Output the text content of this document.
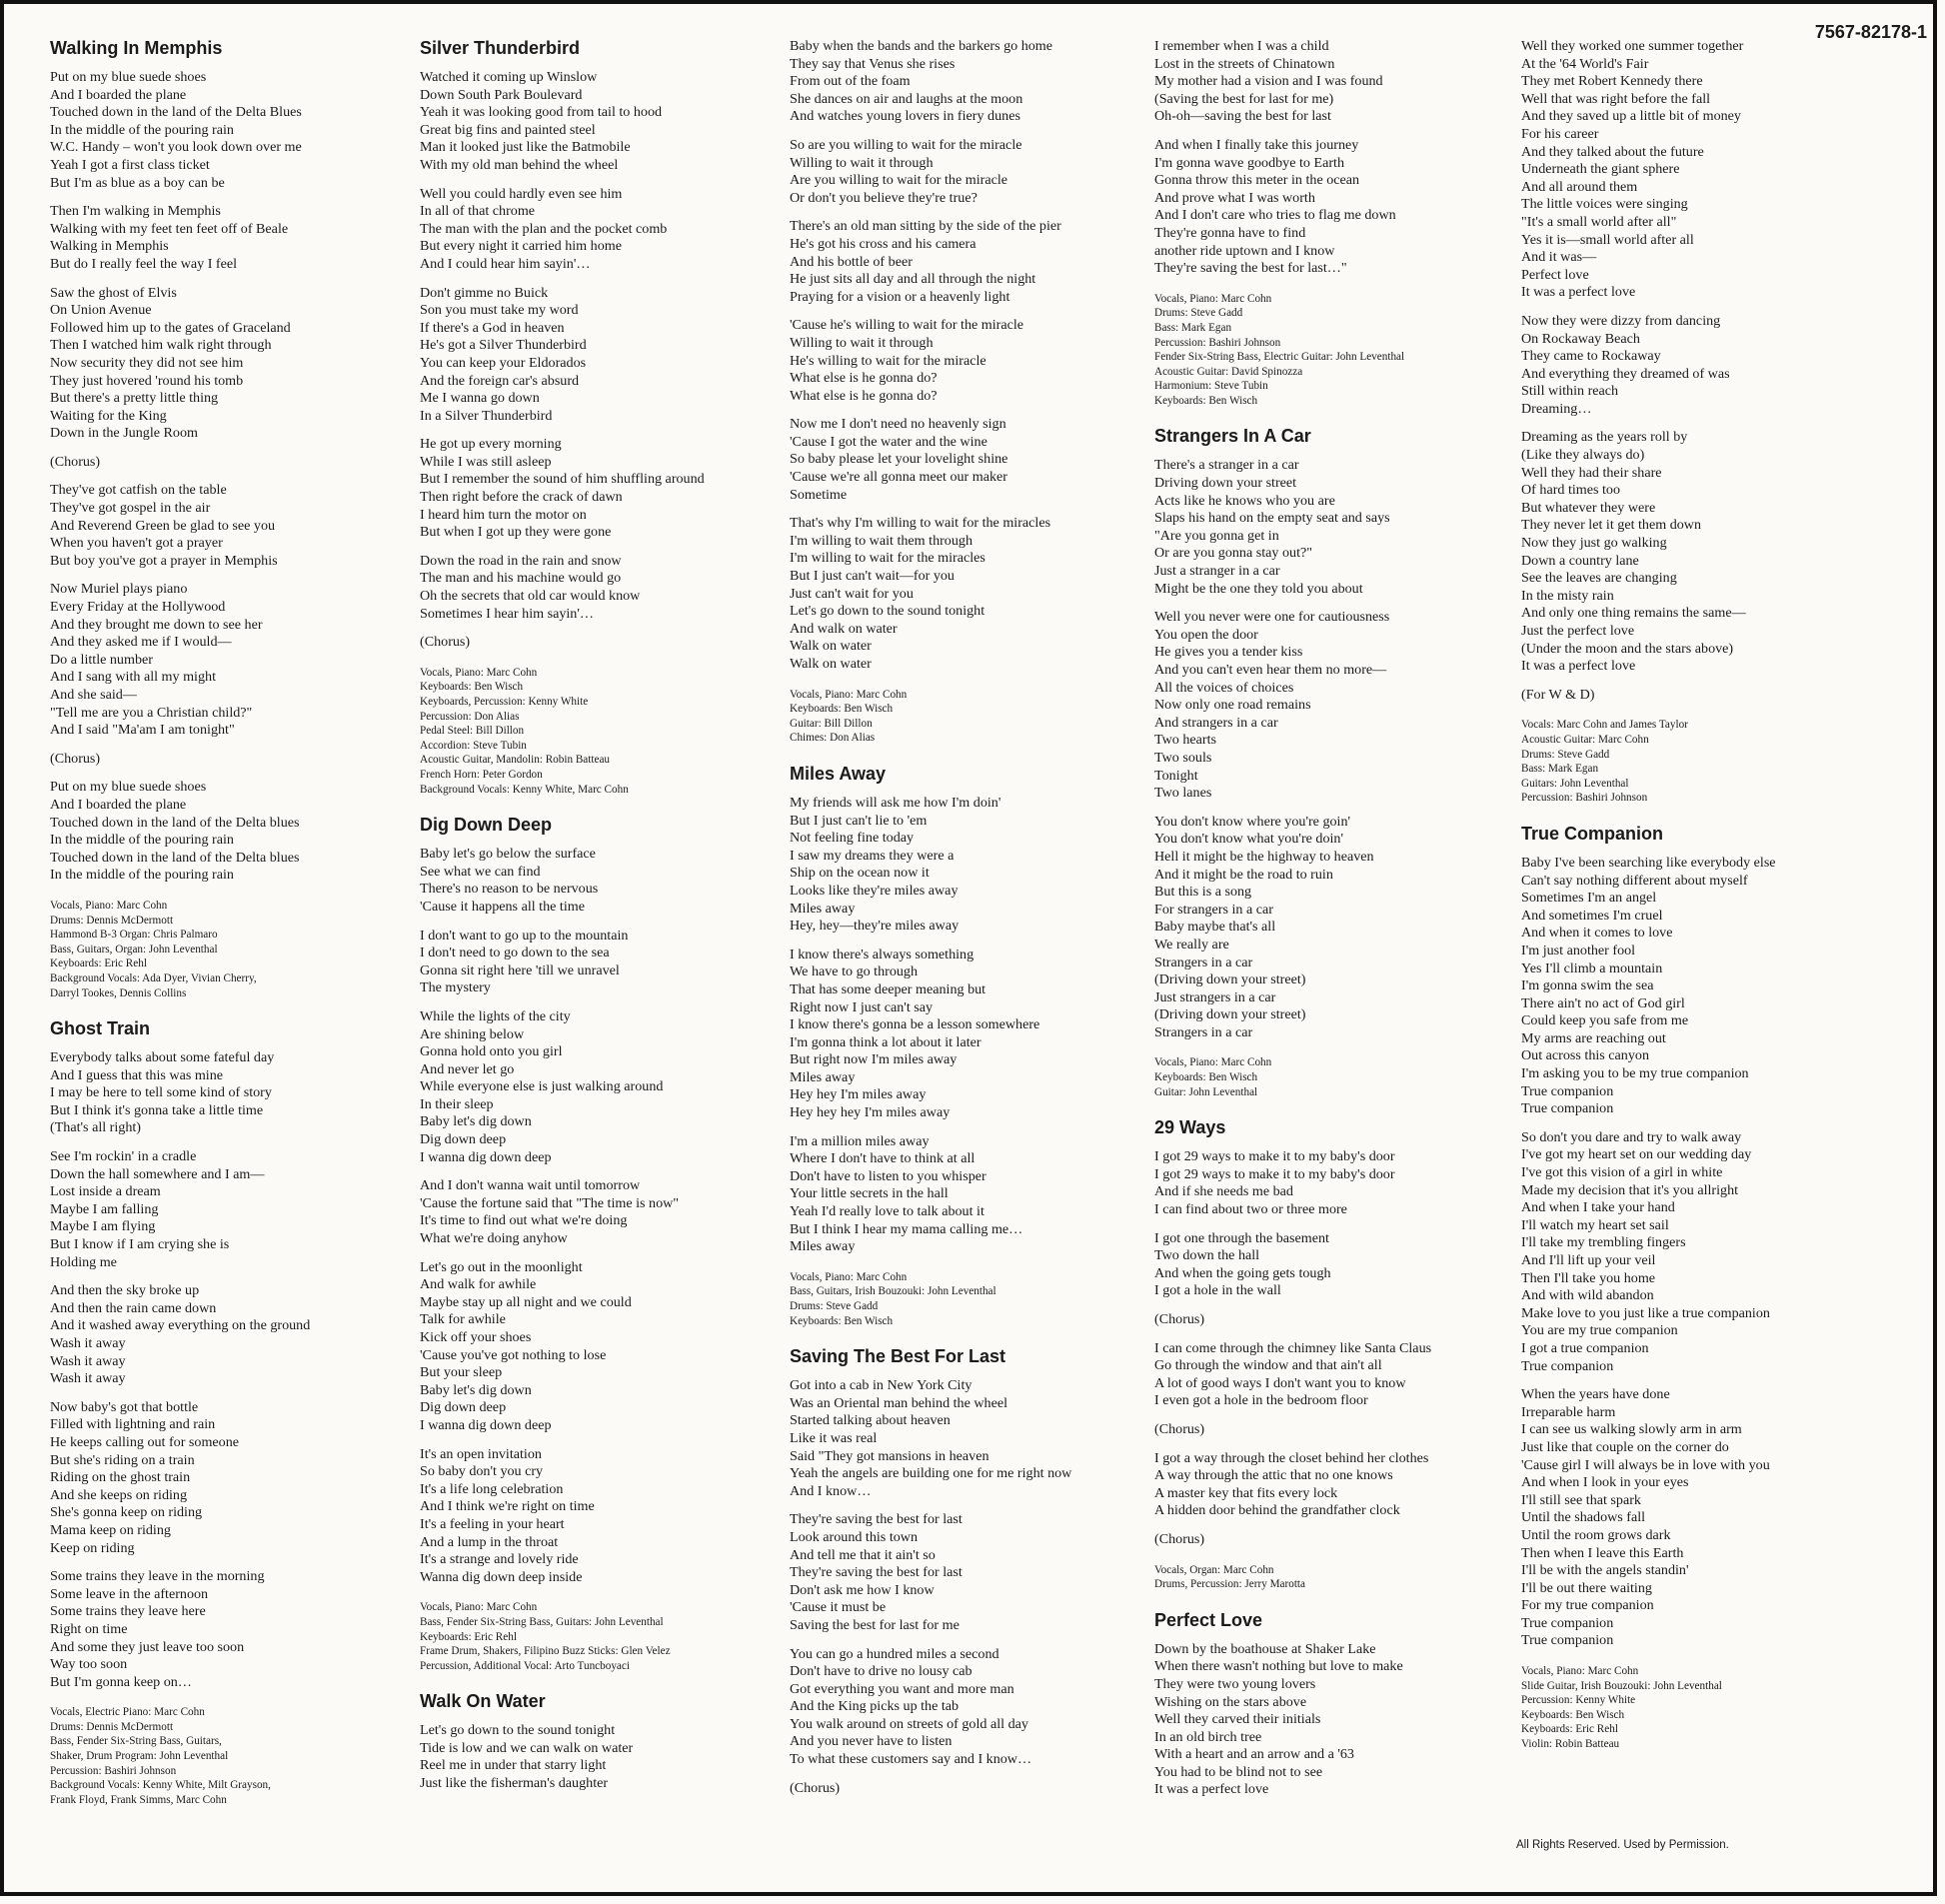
7567-82178-1
Walking In Memphis
Put on my blue suede shoes
And I boarded the plane
Touched down in the land of the Delta Blues
In the middle of the pouring rain
W.C. Handy – won't you look down over me
Yeah I got a first class ticket
But I'm as blue as a boy can be
Then I'm walking in Memphis
Walking with my feet ten feet off of Beale
Walking in Memphis
But do I really feel the way I feel
Saw the ghost of Elvis
On Union Avenue
Followed him up to the gates of Graceland
Then I watched him walk right through
Now security they did not see him
They just hovered 'round his tomb
But there's a pretty little thing
Waiting for the King
Down in the Jungle Room
(Chorus)
They've got catfish on the table
They've got gospel in the air
And Reverend Green be glad to see you
When you haven't got a prayer
But boy you've got a prayer in Memphis
Now Muriel plays piano
Every Friday at the Hollywood
And they brought me down to see her
And they asked me if I would—
Do a little number
And I sang with all my might
And she said—
"Tell me are you a Christian child?"
And I said "Ma'am I am tonight"
(Chorus)
Put on my blue suede shoes
And I boarded the plane
Touched down in the land of the Delta blues
In the middle of the pouring rain
Touched down in the land of the Delta blues
In the middle of the pouring rain
Vocals, Piano: Marc Cohn
Drums: Dennis McDermott
Hammond B-3 Organ: Chris Palmaro
Bass, Guitars, Organ: John Leventhal
Keyboards: Eric Rehl
Background Vocals: Ada Dyer, Vivian Cherry,
Darryl Tookes, Dennis Collins
Ghost Train
Everybody talks about some fateful day
And I guess that this was mine
I may be here to tell some kind of story
But I think it's gonna take a little time
(That's all right)
See I'm rockin' in a cradle
Down the hall somewhere and I am—
Lost inside a dream
Maybe I am falling
Maybe I am flying
But I know if I am crying she is
Holding me
And then the sky broke up
And then the rain came down
And it washed away everything on the ground
Wash it away
Wash it away
Wash it away
Now baby's got that bottle
Filled with lightning and rain
He keeps calling out for someone
But she's riding on a train
Riding on the ghost train
And she keeps on riding
She's gonna keep on riding
Mama keep on riding
Keep on riding
Some trains they leave in the morning
Some leave in the afternoon
Some trains they leave here
Right on time
And some they just leave too soon
Way too soon
But I'm gonna keep on…
Vocals, Electric Piano: Marc Cohn
Drums: Dennis McDermott
Bass, Fender Six-String Bass, Guitars,
Shaker, Drum Program: John Leventhal
Percussion: Bashiri Johnson
Background Vocals: Kenny White, Milt Grayson,
Frank Floyd, Frank Simms, Marc Cohn
Silver Thunderbird
Watched it coming up Winslow
Down South Park Boulevard
Yeah it was looking good from tail to hood
Great big fins and painted steel
Man it looked just like the Batmobile
With my old man behind the wheel
Well you could hardly even see him
In all of that chrome
The man with the plan and the pocket comb
But every night it carried him home
And I could hear him sayin'…
Don't gimme no Buick
Son you must take my word
If there's a God in heaven
He's got a Silver Thunderbird
You can keep your Eldorados
And the foreign car's absurd
Me I wanna go down
In a Silver Thunderbird
He got up every morning
While I was still asleep
But I remember the sound of him shuffling around
Then right before the crack of dawn
I heard him turn the motor on
But when I got up they were gone
Down the road in the rain and snow
The man and his machine would go
Oh the secrets that old car would know
Sometimes I hear him sayin'…
(Chorus)
Vocals, Piano: Marc Cohn
Keyboards: Ben Wisch
Keyboards, Percussion: Kenny White
Percussion: Don Alias
Pedal Steel: Bill Dillon
Accordion: Steve Tubin
Acoustic Guitar, Mandolin: Robin Batteau
French Horn: Peter Gordon
Background Vocals: Kenny White, Marc Cohn
Dig Down Deep
Baby let's go below the surface
See what we can find
There's no reason to be nervous
'Cause it happens all the time
I don't want to go up to the mountain
I don't need to go down to the sea
Gonna sit right here 'till we unravel
The mystery
While the lights of the city
Are shining below
Gonna hold onto you girl
And never let go
While everyone else is just walking around
In their sleep
Baby let's dig down
Dig down deep
I wanna dig down deep
And I don't wanna wait until tomorrow
'Cause the fortune said that "The time is now"
It's time to find out what we're doing
What we're doing anyhow
Let's go out in the moonlight
And walk for awhile
Maybe stay up all night and we could
Talk for awhile
Kick off your shoes
'Cause you've got nothing to lose
But your sleep
Baby let's dig down
Dig down deep
I wanna dig down deep
It's an open invitation
So baby don't you cry
It's a life long celebration
And I think we're right on time
It's a feeling in your heart
And a lump in the throat
It's a strange and lovely ride
Wanna dig down deep inside
Vocals, Piano: Marc Cohn
Bass, Fender Six-String Bass, Guitars: John Leventhal
Keyboards: Eric Rehl
Frame Drum, Shakers, Filipino Buzz Sticks: Glen Velez
Percussion, Additional Vocal: Arto Tuncboyaci
Walk On Water
Let's go down to the sound tonight
Tide is low and we can walk on water
Reel me in under that starry light
Just like the fisherman's daughter
Baby when the bands and the barkers go home
They say that Venus she rises
From out of the foam
She dances on air and laughs at the moon
And watches young lovers in fiery dunes
So are you willing to wait for the miracle
Willing to wait it through
Are you willing to wait for the miracle
Or don't you believe they're true?
There's an old man sitting by the side of the pier
He's got his cross and his camera
And his bottle of beer
He just sits all day and all through the night
Praying for a vision or a heavenly light
'Cause he's willing to wait for the miracle
Willing to wait it through
He's willing to wait for the miracle
What else is he gonna do?
What else is he gonna do?
Now me I don't need no heavenly sign
'Cause I got the water and the wine
So baby please let your lovelight shine
'Cause we're all gonna meet our maker
Sometime
That's why I'm willing to wait for the miracles
I'm willing to wait them through
I'm willing to wait for the miracles
But I just can't wait—for you
Just can't wait for you
Let's go down to the sound tonight
And walk on water
Walk on water
Walk on water
Vocals, Piano: Marc Cohn
Keyboards: Ben Wisch
Guitar: Bill Dillon
Chimes: Don Alias
Miles Away
My friends will ask me how I'm doin'
But I just can't lie to 'em
Not feeling fine today
I saw my dreams they were a
Ship on the ocean now it
Looks like they're miles away
Miles away
Hey, hey—they're miles away
I know there's always something
We have to go through
That has some deeper meaning but
Right now I just can't say
I know there's gonna be a lesson somewhere
I'm gonna think a lot about it later
But right now I'm miles away
Miles away
Hey hey I'm miles away
Hey hey hey I'm miles away
I'm a million miles away
Where I don't have to think at all
Don't have to listen to you whisper
Your little secrets in the hall
Yeah I'd really love to talk about it
But I think I hear my mama calling me…
Miles away
Vocals, Piano: Marc Cohn
Bass, Guitars, Irish Bouzouki: John Leventhal
Drums: Steve Gadd
Keyboards: Ben Wisch
Saving The Best For Last
Got into a cab in New York City
Was an Oriental man behind the wheel
Started talking about heaven
Like it was real
Said "They got mansions in heaven
Yeah the angels are building one for me right now
And I know…
They're saving the best for last
Look around this town
And tell me that it ain't so
They're saving the best for last
Don't ask me how I know
'Cause it must be
Saving the best for last for me
You can go a hundred miles a second
Don't have to drive no lousy cab
Got everything you want and more man
And the King picks up the tab
You walk around on streets of gold all day
And you never have to listen
To what these customers say and I know…
(Chorus)
I remember when I was a child
Lost in the streets of Chinatown
My mother had a vision and I was found
(Saving the best for last for me)
Oh-oh—saving the best for last
And when I finally take this journey
I'm gonna wave goodbye to Earth
Gonna throw this meter in the ocean
And prove what I was worth
And I don't care who tries to flag me down
They're gonna have to find
another ride uptown and I know
They're saving the best for last…"
Vocals, Piano: Marc Cohn
Drums: Steve Gadd
Bass: Mark Egan
Percussion: Bashiri Johnson
Fender Six-String Bass, Electric Guitar: John Leventhal
Acoustic Guitar: David Spinozza
Harmonium: Steve Tubin
Keyboards: Ben Wisch
Strangers In A Car
There's a stranger in a car
Driving down your street
Acts like he knows who you are
Slaps his hand on the empty seat and says
"Are you gonna get in
Or are you gonna stay out?"
Just a stranger in a car
Might be the one they told you about
Well you never were one for cautiousness
You open the door
He gives you a tender kiss
And you can't even hear them no more—
All the voices of choices
Now only one road remains
And strangers in a car
Two hearts
Two souls
Tonight
Two lanes
You don't know where you're goin'
You don't know what you're doin'
Hell it might be the highway to heaven
And it might be the road to ruin
But this is a song
For strangers in a car
Baby maybe that's all
We really are
Strangers in a car
(Driving down your street)
Just strangers in a car
(Driving down your street)
Strangers in a car
Vocals, Piano: Marc Cohn
Keyboards: Ben Wisch
Guitar: John Leventhal
29 Ways
I got 29 ways to make it to my baby's door
I got 29 ways to make it to my baby's door
And if she needs me bad
I can find about two or three more
I got one through the basement
Two down the hall
And when the going gets tough
I got a hole in the wall
(Chorus)
I can come through the chimney like Santa Claus
Go through the window and that ain't all
A lot of good ways I don't want you to know
I even got a hole in the bedroom floor
(Chorus)
I got a way through the closet behind her clothes
A way through the attic that no one knows
A master key that fits every lock
A hidden door behind the grandfather clock
(Chorus)
Vocals, Organ: Marc Cohn
Drums, Percussion: Jerry Marotta
Perfect Love
Down by the boathouse at Shaker Lake
When there wasn't nothing but love to make
They were two young lovers
Wishing on the stars above
Well they carved their initials
In an old birch tree
With a heart and an arrow and a '63
You had to be blind not to see
It was a perfect love
Well they worked one summer together
At the '64 World's Fair
They met Robert Kennedy there
Well that was right before the fall
And they saved up a little bit of money
For his career
And they talked about the future
Underneath the giant sphere
And all around them
The little voices were singing
"It's a small world after all"
Yes it is—small world after all
And it was—
Perfect love
It was a perfect love
Now they were dizzy from dancing
On Rockaway Beach
They came to Rockaway
And everything they dreamed of was
Still within reach
Dreaming…
Dreaming as the years roll by
(Like they always do)
Well they had their share
Of hard times too
But whatever they were
They never let it get them down
Now they just go walking
Down a country lane
See the leaves are changing
In the misty rain
And only one thing remains the same—
Just the perfect love
(Under the moon and the stars above)
It was a perfect love
(For W & D)
Vocals: Marc Cohn and James Taylor
Acoustic Guitar: Marc Cohn
Drums: Steve Gadd
Bass: Mark Egan
Guitars: John Leventhal
Percussion: Bashiri Johnson
True Companion
Baby I've been searching like everybody else
Can't say nothing different about myself
Sometimes I'm an angel
And sometimes I'm cruel
And when it comes to love
I'm just another fool
Yes I'll climb a mountain
I'm gonna swim the sea
There ain't no act of God girl
Could keep you safe from me
My arms are reaching out
Out across this canyon
I'm asking you to be my true companion
True companion
True companion
So don't you dare and try to walk away
I've got my heart set on our wedding day
I've got this vision of a girl in white
Made my decision that it's you allright
And when I take your hand
I'll watch my heart set sail
I'll take my trembling fingers
And I'll lift up your veil
Then I'll take you home
And with wild abandon
Make love to you just like a true companion
You are my true companion
I got a true companion
True companion
When the years have done
Irreparable harm
I can see us walking slowly arm in arm
Just like that couple on the corner do
'Cause girl I will always be in love with you
And when I look in your eyes
I'll still see that spark
Until the shadows fall
Until the room grows dark
Then when I leave this Earth
I'll be with the angels standin'
I'll be out there waiting
For my true companion
True companion
True companion
Vocals, Piano: Marc Cohn
Slide Guitar, Irish Bouzouki: John Leventhal
Percussion: Kenny White
Keyboards: Ben Wisch
Keyboards: Eric Rehl
Violin: Robin Batteau
All Rights Reserved. Used by Permission.
